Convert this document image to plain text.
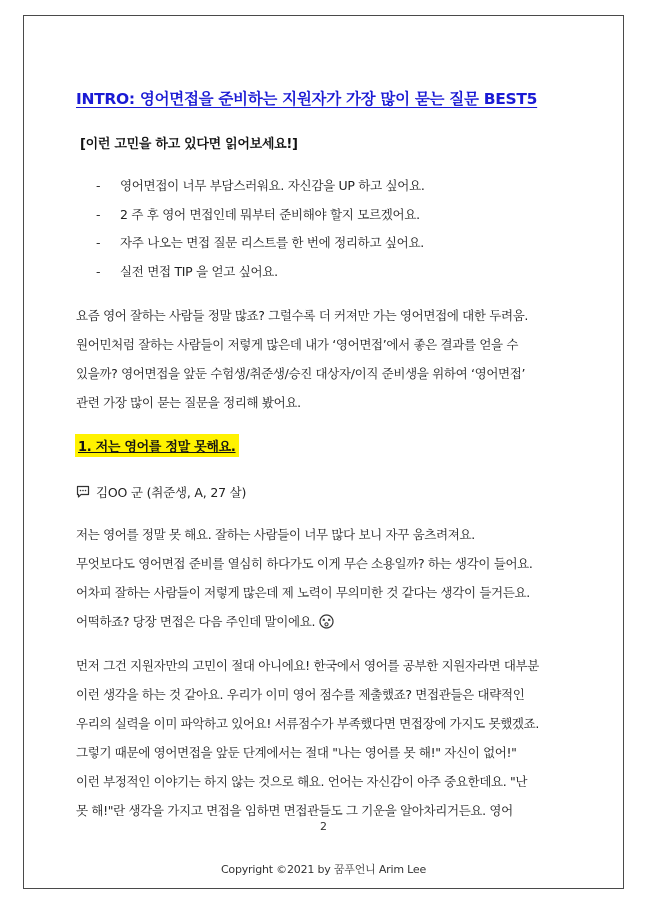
INTRO: 영어면접을 준비하는 지원자가 가장 많이 묻는 질문 BEST5
[이런 고민을 하고 있다면 읽어보세요!]
- 영어면접이 너무 부담스러워요. 자신감을 UP 하고 싶어요.
- 2 주 후 영어 면접인데 뭐부터 준비해야 할지 모르겠어요.
- 자주 나오는 면접 질문 리스트를 한 번에 정리하고 싶어요.
- 실전 면접 TIP 을 얻고 싶어요.
요즘 영어 잘하는 사람들 정말 많죠? 그럴수록 더 커져만 가는 영어면접에 대한 두려움.
원어민처럼 잘하는 사람들이 저렇게 많은데 내가 ‘영어면접’에서 좋은 결과를 얻을 수
있을까? 영어면접을 앞둔 수험생/취준생/승진 대상자/이직 준비생을 위하여 ‘영어면접’
관련 가장 많이 묻는 질문을 정리해 봤어요.
1. 저는 영어를 정말 못해요.
김OO 군 (취준생, A, 27 살)
저는 영어를 정말 못 해요. 잘하는 사람들이 너무 많다 보니 자꾸 움츠려져요.
무엇보다도 영어면접 준비를 열심히 하다가도 이게 무슨 소용일까? 하는 생각이 들어요.
어차피 잘하는 사람들이 저렇게 많은데 제 노력이 무의미한 것 같다는 생각이 들거든요.
어떡하죠? 당장 면접은 다음 주인데 말이에요.
먼저 그건 지원자만의 고민이 절대 아니에요! 한국에서 영어를 공부한 지원자라면 대부분
이런 생각을 하는 것 같아요. 우리가 이미 영어 점수를 제출했죠? 면접관들은 대략적인
우리의 실력을 이미 파악하고 있어요! 서류점수가 부족했다면 면접장에 가지도 못했겠죠.
그렇기 때문에 영어면접을 앞둔 단계에서는 절대 "나는 영어를 못 해!" 자신이 없어!"
이런 부정적인 이야기는 하지 않는 것으로 해요. 언어는 자신감이 아주 중요한데요. "난
못 해!"란 생각을 가지고 면접을 임하면 면접관들도 그 기운을 알아차리거든요. 영어
2
Copyright ©2021 by 꿈푸언니 Arim Lee
